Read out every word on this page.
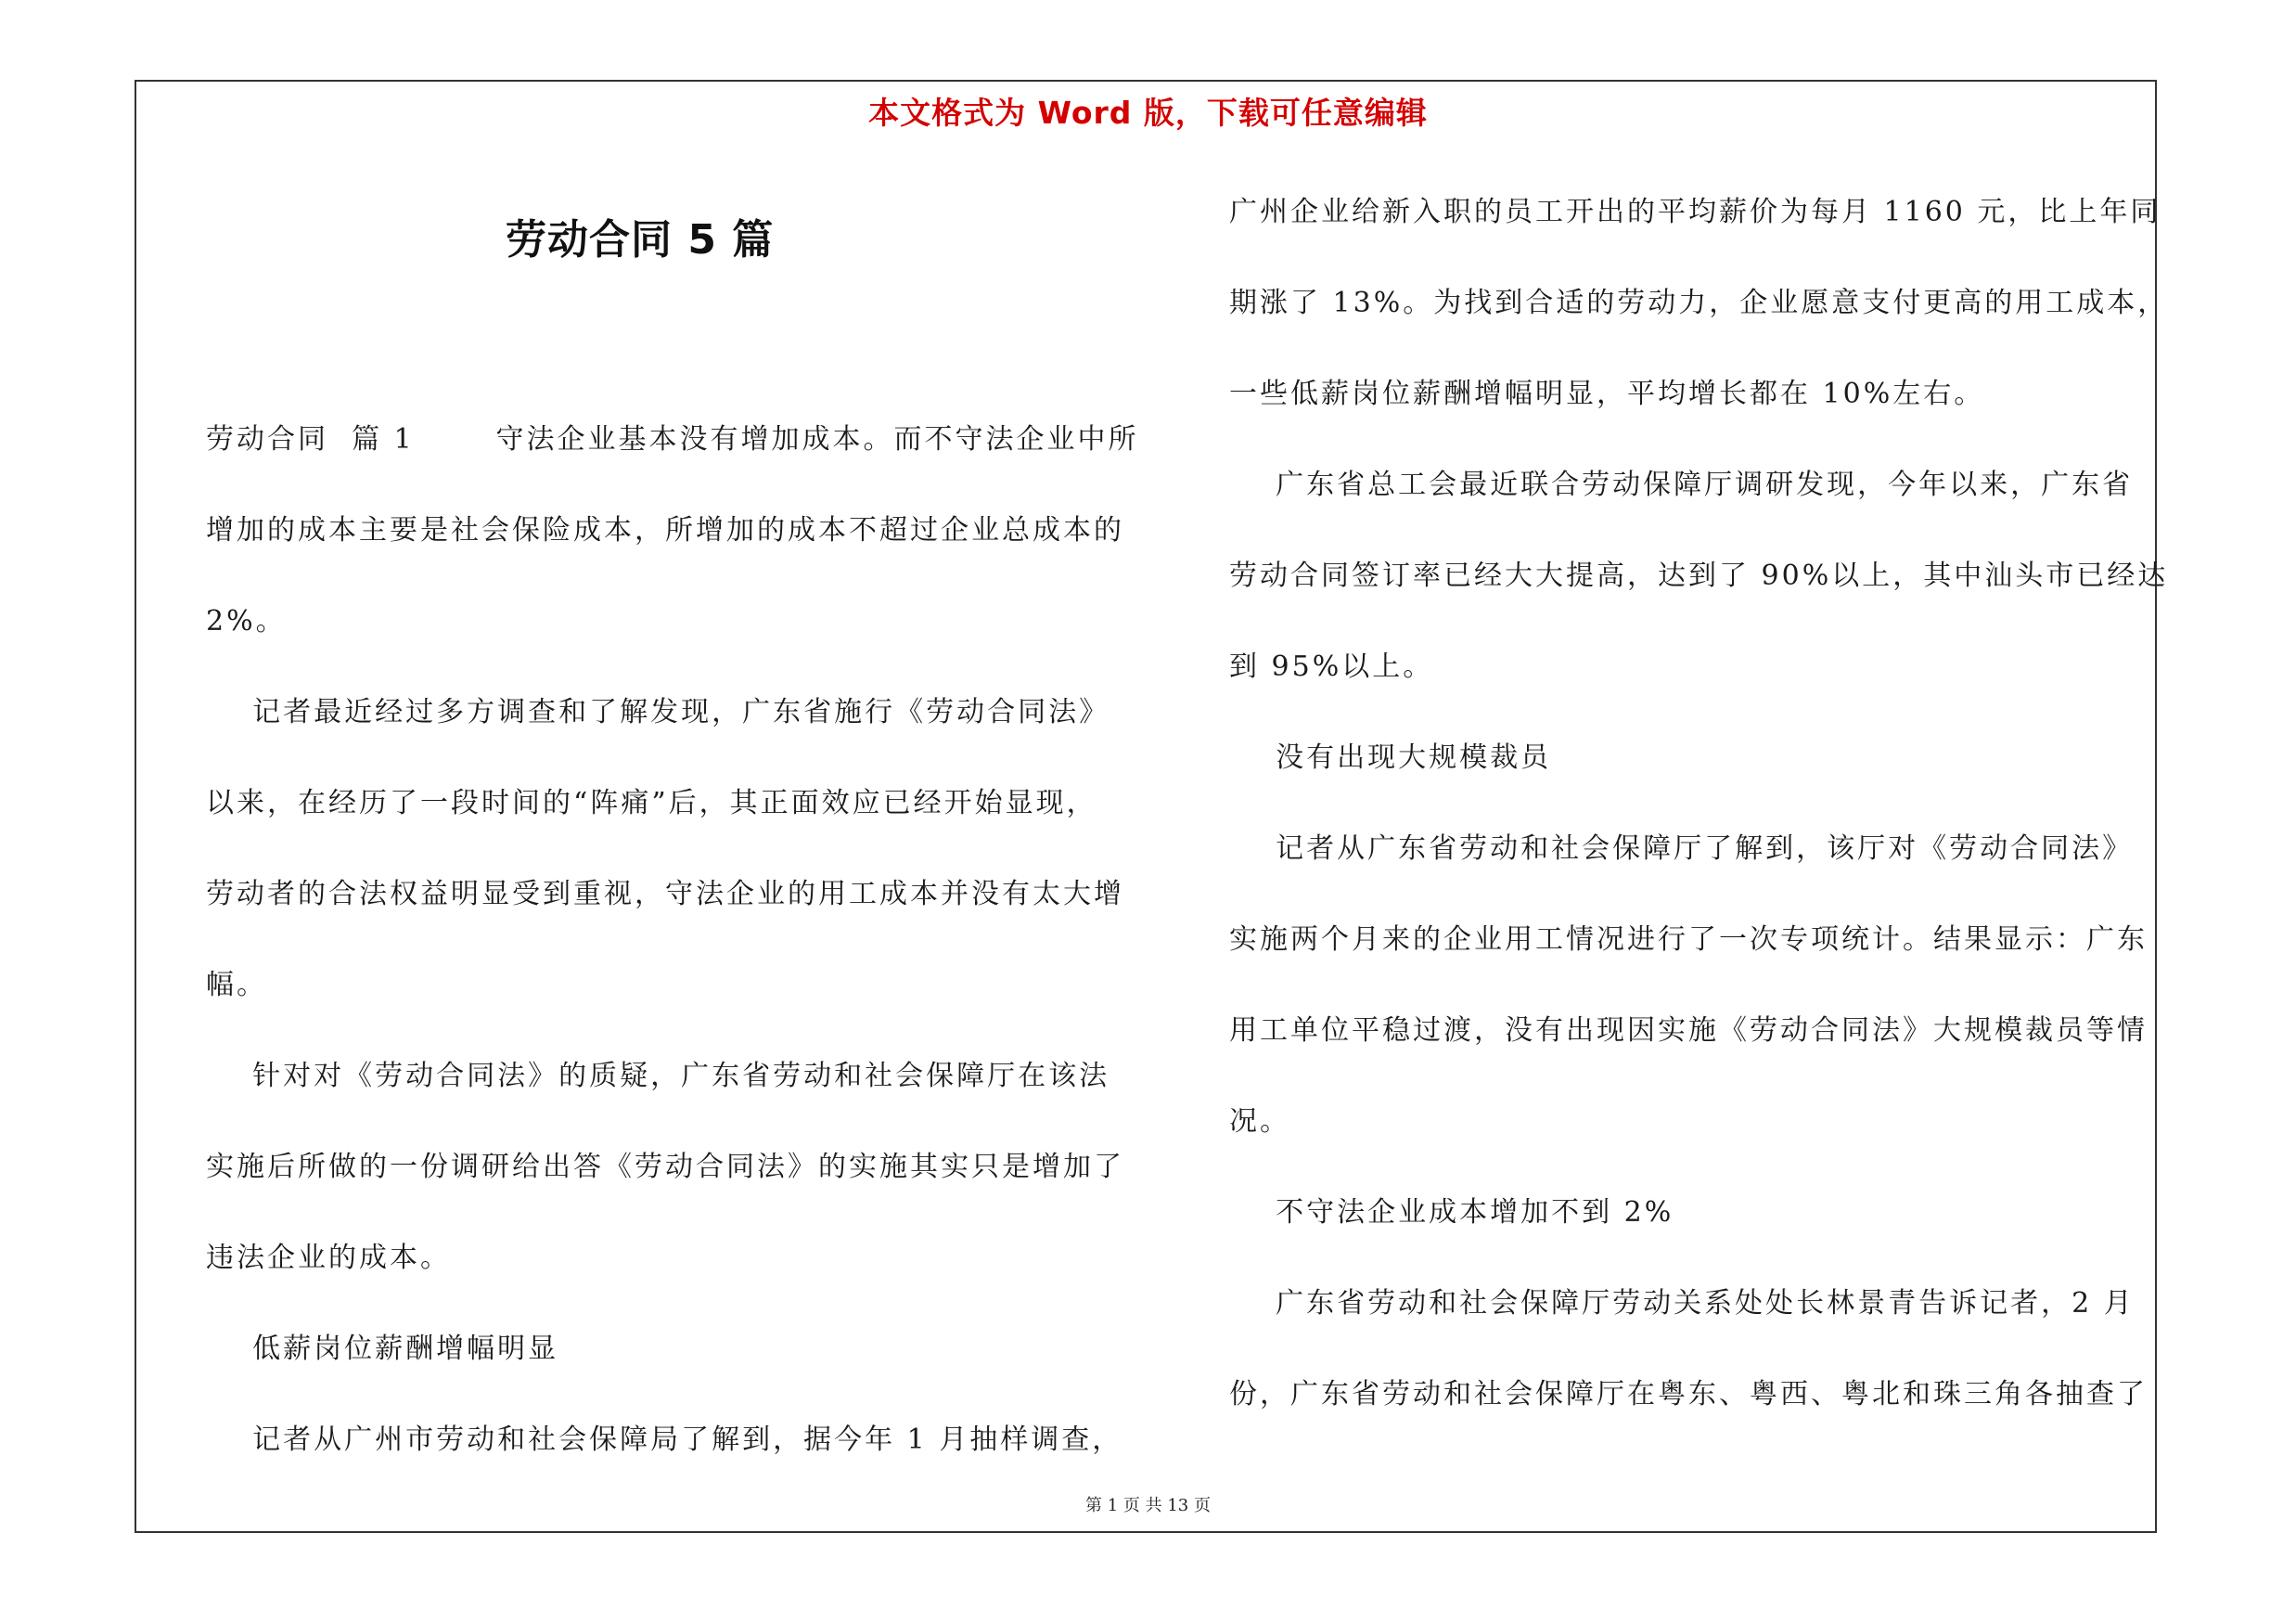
本文格式为 Word 版，下载可任意编辑
劳动合同 5 篇
劳动合同  篇 1       守法企业基本没有增加成本。而不守法企业中所
增加的成本主要是社会保险成本，所增加的成本不超过企业总成本的
2%。
记者最近经过多方调查和了解发现，广东省施行《劳动合同法》
以来，在经历了一段时间的“阵痛”后，其正面效应已经开始显现，
劳动者的合法权益明显受到重视，守法企业的用工成本并没有太大增
幅。
针对对《劳动合同法》的质疑，广东省劳动和社会保障厅在该法
实施后所做的一份调研给出答《劳动合同法》的实施其实只是增加了
违法企业的成本。
低薪岗位薪酬增幅明显
记者从广州市劳动和社会保障局了解到，据今年 1 月抽样调查，
广州企业给新入职的员工开出的平均薪价为每月 1160 元，比上年同
期涨了 13%。为找到合适的劳动力，企业愿意支付更高的用工成本，
一些低薪岗位薪酬增幅明显，平均增长都在 10%左右。
广东省总工会最近联合劳动保障厅调研发现，今年以来，广东省
劳动合同签订率已经大大提高，达到了 90%以上，其中汕头市已经达
到 95%以上。
没有出现大规模裁员
记者从广东省劳动和社会保障厅了解到，该厅对《劳动合同法》
实施两个月来的企业用工情况进行了一次专项统计。结果显示：广东
用工单位平稳过渡，没有出现因实施《劳动合同法》大规模裁员等情
况。
不守法企业成本增加不到 2%
广东省劳动和社会保障厅劳动关系处处长林景青告诉记者，2 月
份，广东省劳动和社会保障厅在粤东、粤西、粤北和珠三角各抽查了
第 1 页 共 13 页
